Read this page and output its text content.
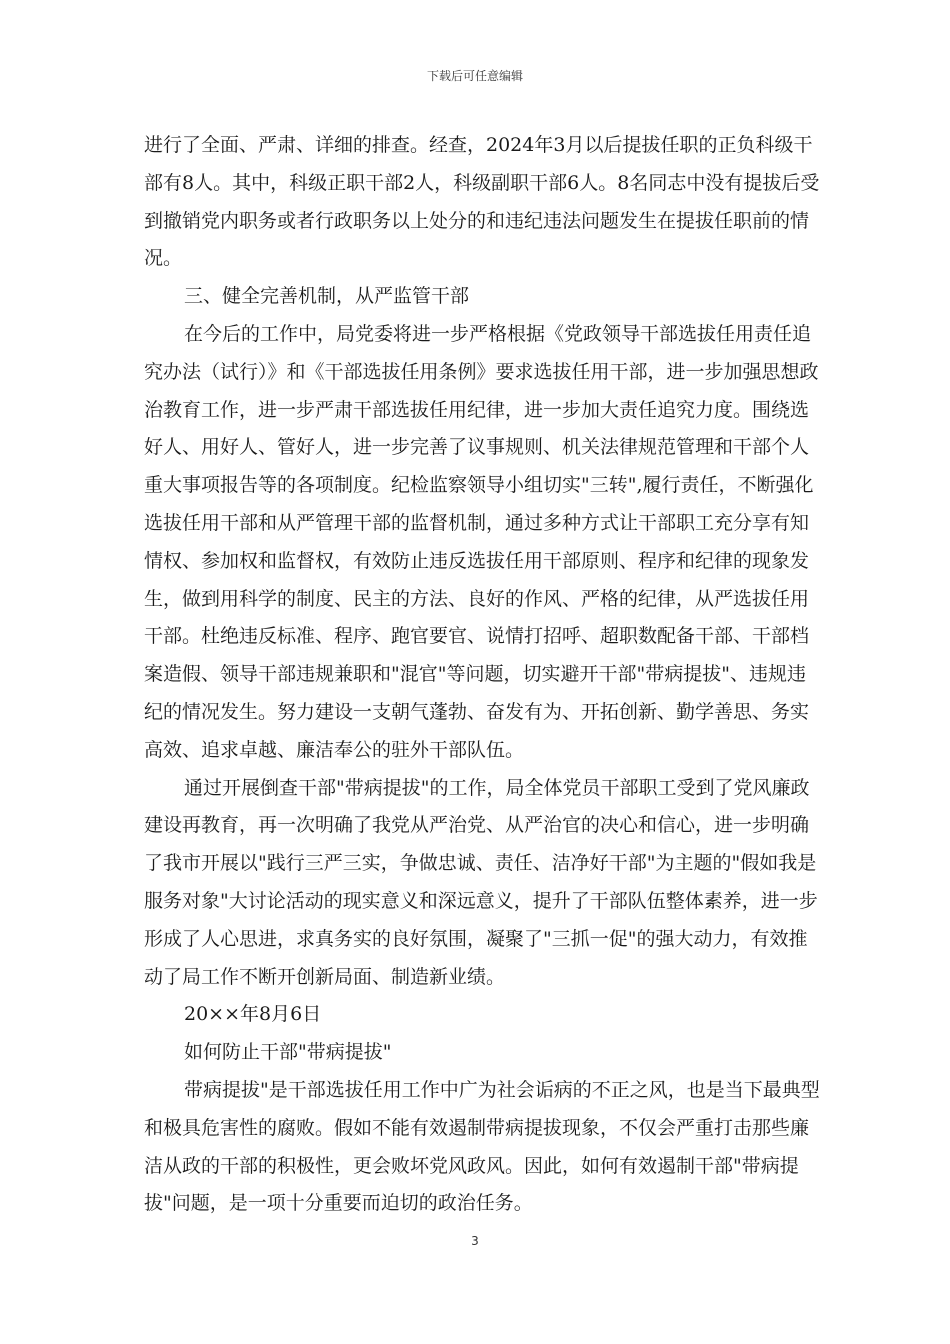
下载后可任意编辑

进行了全面、严肃、详细的排查。经查，2024年3月以后提拔任职的正负科级干部有8人。其中，科级正职干部2人，科级副职干部6人。8名同志中没有提拔后受到撤销党内职务或者行政职务以上处分的和违纪违法问题发生在提拔任职前的情况。

三、健全完善机制，从严监管干部

在今后的工作中，局党委将进一步严格根据《党政领导干部选拔任用责任追究办法（试行）》和《干部选拔任用条例》要求选拔任用干部，进一步加强思想政治教育工作，进一步严肃干部选拔任用纪律，进一步加大责任追究力度。围绕选好人、用好人、管好人，进一步完善了议事规则、机关法律规范管理和干部个人重大事项报告等的各项制度。纪检监察领导小组切实"三转",履行责任，不断强化选拔任用干部和从严管理干部的监督机制，通过多种方式让干部职工充分享有知情权、参加权和监督权，有效防止违反选拔任用干部原则、程序和纪律的现象发生，做到用科学的制度、民主的方法、良好的作风、严格的纪律，从严选拔任用干部。杜绝违反标准、程序、跑官要官、说情打招呼、超职数配备干部、干部档案造假、领导干部违规兼职和"混官"等问题，切实避开干部"带病提拔"、违规违纪的情况发生。努力建设一支朝气蓬勃、奋发有为、开拓创新、勤学善思、务实高效、追求卓越、廉洁奉公的驻外干部队伍。

通过开展倒查干部"带病提拔"的工作，局全体党员干部职工受到了党风廉政建设再教育，再一次明确了我党从严治党、从严治官的决心和信心，进一步明确了我市开展以"践行三严三实，争做忠诚、责任、洁净好干部"为主题的"假如我是服务对象"大讨论活动的现实意义和深远意义，提升了干部队伍整体素养，进一步形成了人心思进，求真务实的良好氛围，凝聚了"三抓一促"的强大动力，有效推动了局工作不断开创新局面、制造新业绩。

20××年8月6日

如何防止干部"带病提拔"

带病提拔"是干部选拔任用工作中广为社会诟病的不正之风，也是当下最典型和极具危害性的腐败。假如不能有效遏制带病提拔现象，不仅会严重打击那些廉洁从政的干部的积极性，更会败坏党风政风。因此，如何有效遏制干部"带病提拔"问题，是一项十分重要而迫切的政治任务。

3
